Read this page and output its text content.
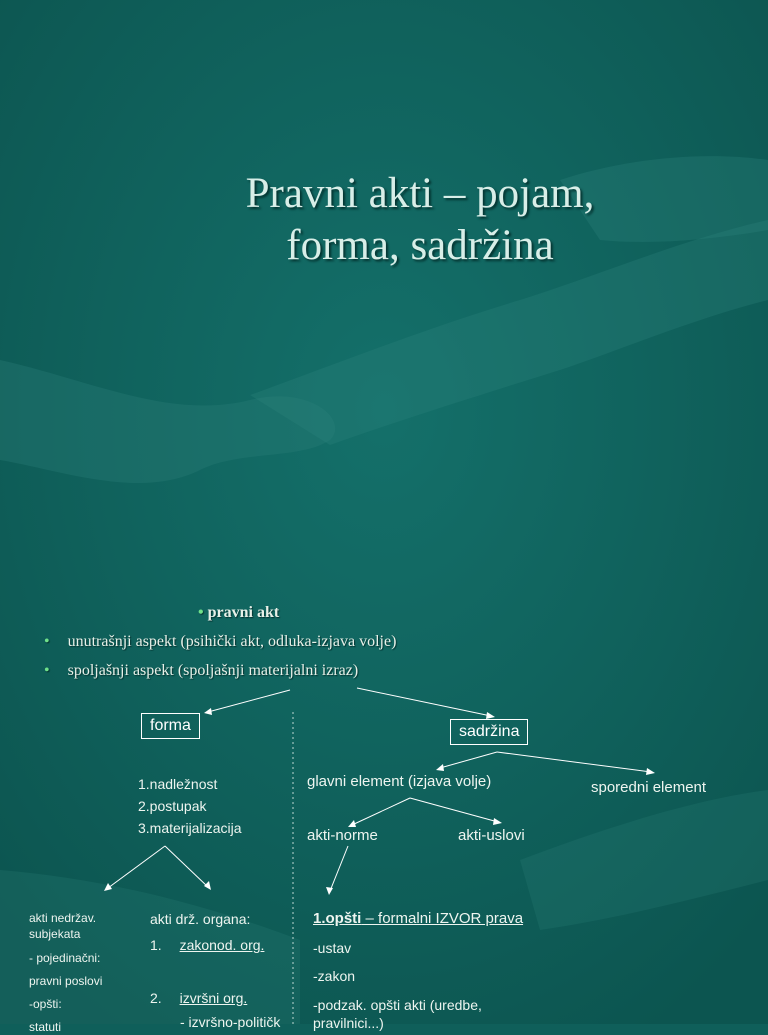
Pravni akti – pojam,
forma, sadržina
• pravni akt
• unutrašnji aspekt (psihički akt, odluka-izjava volje)
• spoljašnji aspekt (spoljašnji materijalni izraz)
forma	sadržina
1.nadležnost
2.postupak
3.materijalizacija
glavni element (izjava volje)	sporedni element
akti-norme	akti-uslovi
akti nedržav.
subjekata
- pojedinačni:
pravni poslovi
-opšti:
statuti
akti drž. organa:
1. zakonod. org.
2. izvršni org.
- izvršno-političk
1.opšti – formalni IZVOR prava
-ustav
-zakon
-podzak. opšti akti (uredbe,
pravilnici...)
